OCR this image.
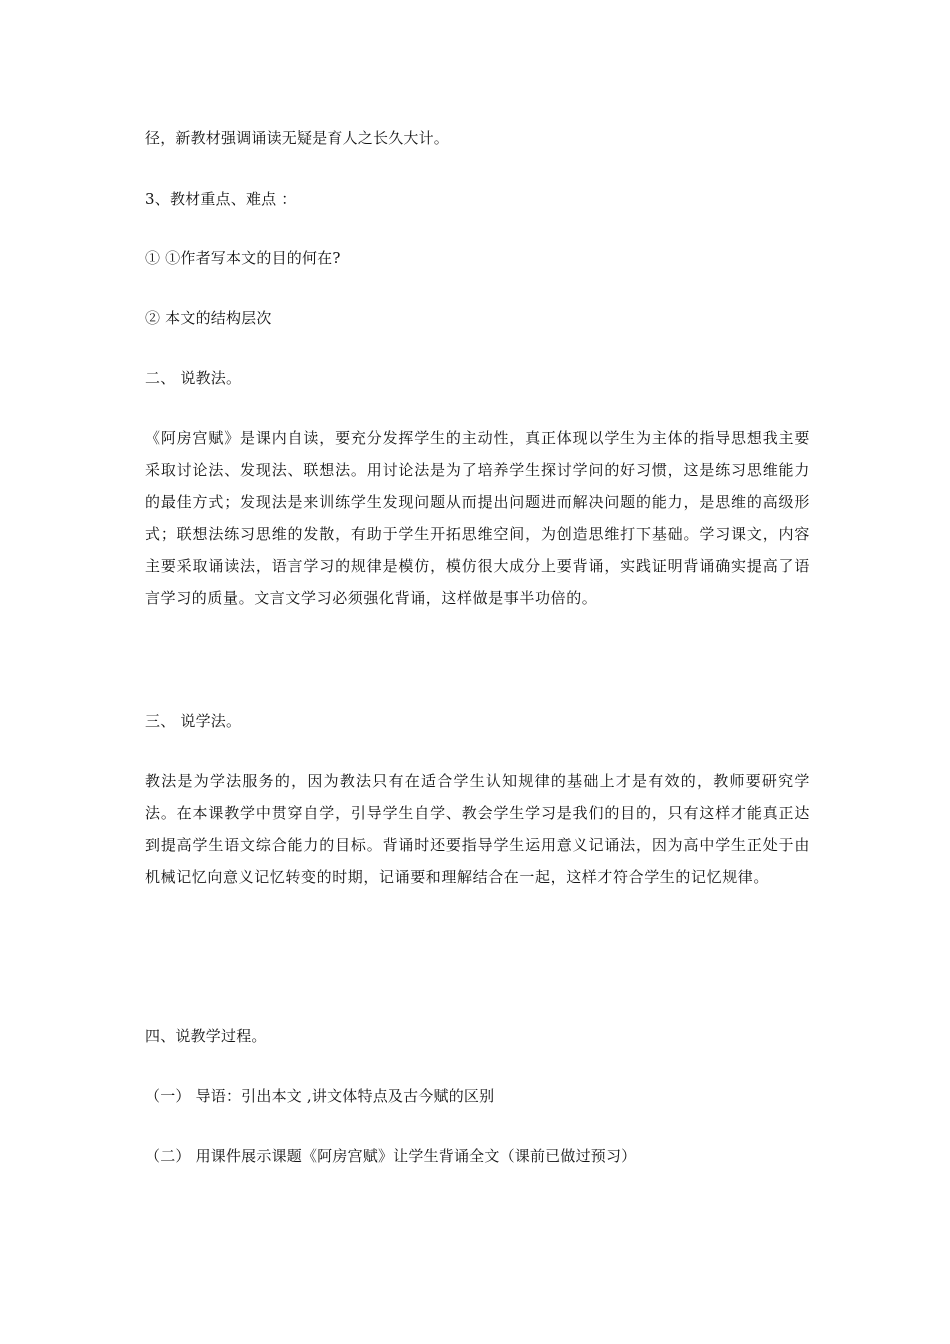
径，新教材强调诵读无疑是育人之长久大计。
3、教材重点、难点 ：
① ①作者写本文的目的何在?
② 本文的结构层次
二、 说教法。
《阿房宫赋》是课内自读，要充分发挥学生的主动性，真正体现以学生为主体的指导思想我主要采取讨论法、发现法、联想法。用讨论法是为了培养学生探讨学问的好习惯，这是练习思维能力的最佳方式；发现法是来训练学生发现问题从而提出问题进而解决问题的能力，是思维的高级形式；联想法练习思维的发散，有助于学生开拓思维空间，为创造思维打下基础。学习课文，内容主要采取诵读法，语言学习的规律是模仿，模仿很大成分上要背诵，实践证明背诵确实提高了语言学习的质量。文言文学习必须强化背诵，这样做是事半功倍的。
三、 说学法。
教法是为学法服务的，因为教法只有在适合学生认知规律的基础上才是有效的，教师要研究学法。在本课教学中贯穿自学，引导学生自学、教会学生学习是我们的目的，只有这样才能真正达到提高学生语文综合能力的目标。背诵时还要指导学生运用意义记诵法，因为高中学生正处于由机械记忆向意义记忆转变的时期，记诵要和理解结合在一起，这样才符合学生的记忆规律。
四、说教学过程。
（一） 导语：引出本文 ,讲文体特点及古今赋的区别
（二） 用课件展示课题《阿房宫赋》让学生背诵全文（课前已做过预习）
